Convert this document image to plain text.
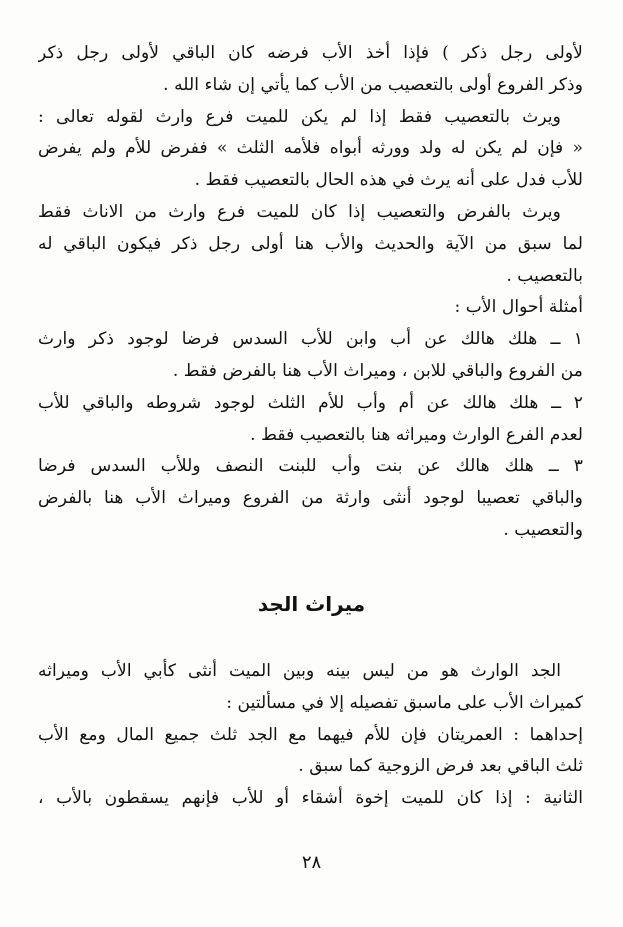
لأولى رجل ذكر ) فإذا أخذ الأب فرضه كان الباقي لأولى رجل ذكر
وذكر الفروع أولى بالتعصيب من الأب كما يأتي إن شاء الله .
ويرث بالتعصيب فقط إذا لم يكن للميت فرع وارث لقوله تعالى :
« فإن لم يكن له ولد وورثه أبواه فلأمه الثلث » ففرض للأم ولم يفرض
للأب فدل على أنه يرث في هذه الحال بالتعصيب فقط .
ويرث بالفرض والتعصيب إذا كان للميت فرع وارث من الاناث فقط
لما سبق من الآية والحديث والأب هنا أولى رجل ذكر فيكون الباقي له
بالتعصيب .
أمثلة أحوال الأب :
١ ــ هلك هالك عن أب وابن للأب السدس فرضا لوجود ذكر وارث
من الفروع والباقي للابن ، وميراث الأب هنا بالفرض فقط .
٢ ــ هلك هالك عن أم وأب للأم الثلث لوجود شروطه والباقي للأب
لعدم الفرع الوارث وميراثه هنا بالتعصيب فقط .
٣ ــ هلك هالك عن بنت وأب للبنت النصف وللأب السدس فرضا
والباقي تعصيبا لوجود أنثى وارثة من الفروع وميراث الأب هنا بالفرض
والتعصيب .
ميراث الجد
الجد الوارث هو من ليس بينه وبين الميت أنثى كأبي الأب وميراثه
كميراث الأب على ماسبق تفصيله إلا في مسألتين :
إحداهما : العمريتان فإن للأم فيهما مع الجد ثلث جميع المال ومع الأب
ثلث الباقي بعد فرض الزوجية كما سبق .
الثانية : إذا كان للميت إخوة أشقاء أو للأب فإنهم يسقطون بالأب ،
٢٨
